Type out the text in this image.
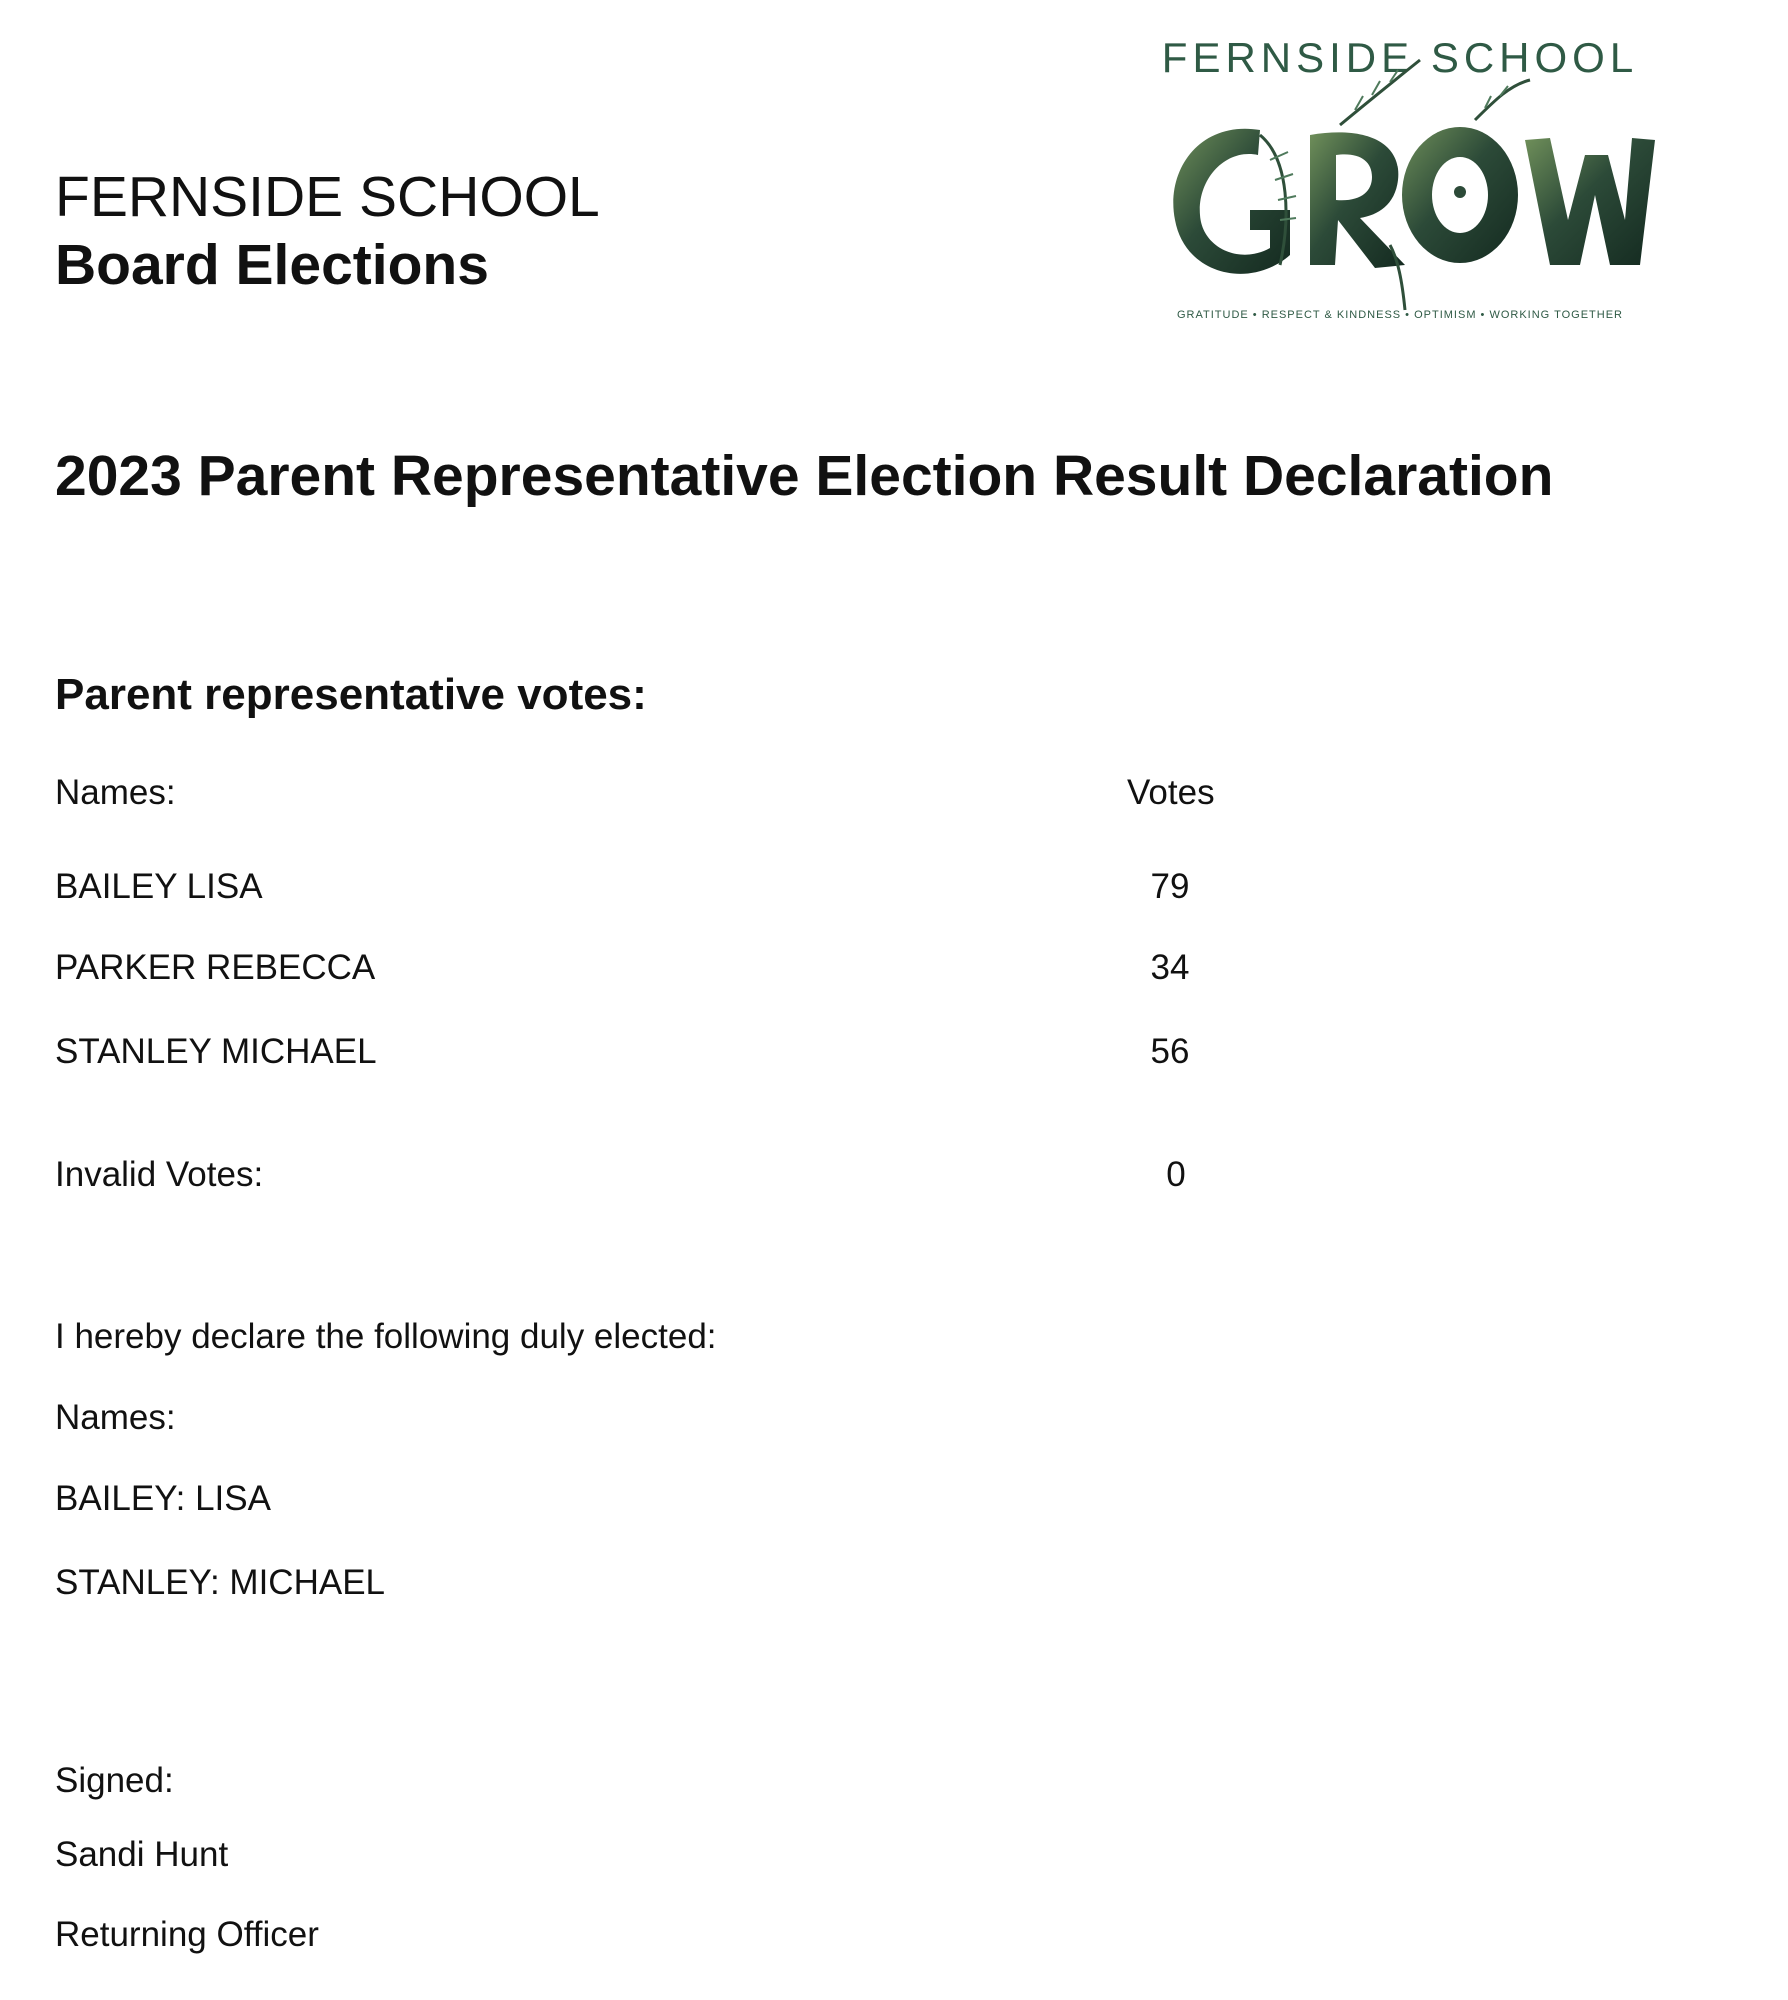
FERNSIDE SCHOOL
Board Elections
FERNSIDE SCHOOL
GRATITUDE • RESPECT & KINDNESS • OPTIMISM • WORKING TOGETHER
2023 Parent Representative Election Result Declaration
Parent representative votes:
Names:	Votes
BAILEY LISA	79
PARKER REBECCA	34
STANLEY MICHAEL	56
Invalid Votes:	0
I hereby declare the following duly elected:
Names:
BAILEY: LISA
STANLEY: MICHAEL
Signed:
Sandi Hunt
Returning Officer
